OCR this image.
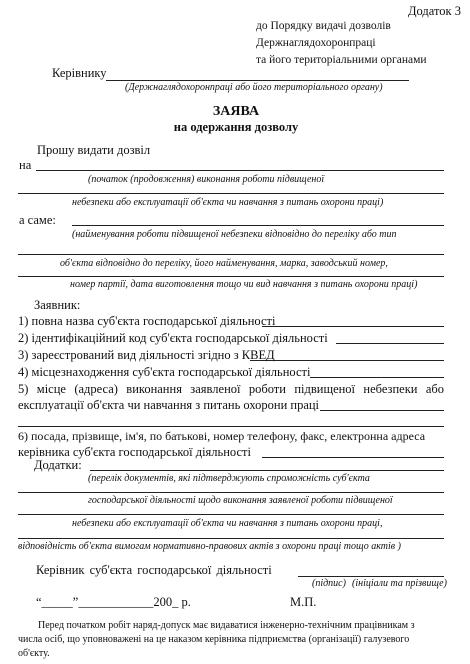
Додаток 3
до Порядку видачі дозволів
Держнаглядохоронпраці
та його територіальними органами
Керівнику
(Держнаглядохоронпраці або його територіального органу)
ЗАЯВА
на одержання дозволу
Прошу видати дозвіл
на
(початок (продовження) виконання роботи підвищеної
небезпеки або експлуатації об'єкта чи навчання з питань охорони праці)
а саме:
(найменування роботи підвищеної небезпеки відповідно до переліку або тип
об'єкта відповідно до переліку, його найменування, марка, заводський номер,
номер партії, дата виготовлення тощо чи вид навчання з питань охорони праці)
Заявник:
1) повна назва суб'єкта господарської діяльності
2) ідентифікаційний код суб'єкта господарської діяльності
3) зареєстрований вид діяльності згідно з КВЕД
4) місцезнаходження суб'єкта господарської діяльності
5) місце (адреса) виконання заявленої роботи підвищеної небезпеки або
експлуатації об'єкта чи навчання з питань охорони праці
6) посада, прізвище, ім'я, по батькові, номер телефону, факс, електронна адреса
керівника суб'єкта господарської діяльності
Додатки:
(перелік документів, які підтверджують спроможність суб'єкта
господарської діяльності щодо виконання заявленої роботи підвищеної
небезпеки або експлуатації об'єкта чи навчання з питань охорони праці,
відповідність об'єкта вимогам нормативно-правових актів з охорони праці тощо актів )
Керівник суб'єкта господарської діяльності
(підпис) (ініціали та прізвище)
“_____”____________200_ р.	М.П.
Перед початком робіт наряд-допуск має видаватися інженерно-технічним працівникам з
числа осіб, що уповноважені на це наказом керівника підприємства (організації) галузевого
об'єкту.
